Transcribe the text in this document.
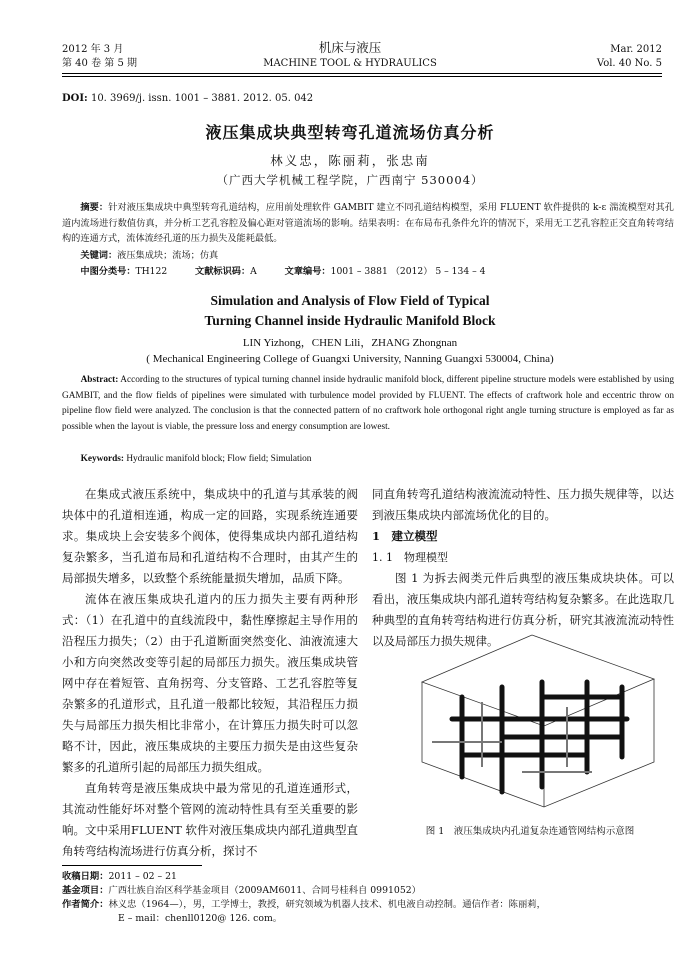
2012 年 3 月
第 40 卷 第 5 期
机床与液压
MACHINE TOOL & HYDRAULICS
Mar. 2012
Vol. 40 No. 5
DOI: 10. 3969/j. issn. 1001 – 3881. 2012. 05. 042
液压集成块典型转弯孔道流场仿真分析
林义忠，陈丽莉，张忠南
（广西大学机械工程学院，广西南宁 530004）
摘要：针对液压集成块中典型转弯孔道结构，应用前处理软件 GAMBIT 建立不同孔道结构模型，采用 FLUENT 软件提供的 k-ε 湍流模型对其孔道内流场进行数值仿真，并分析工艺孔容腔及偏心距对管道流场的影响。结果表明：在布局布孔条件允许的情况下，采用无工艺孔容腔正交直角转弯结构的连通方式，流体流经孔道的压力损失及能耗最低。
关键词：液压集成块；流场；仿真
中图分类号：TH122	文献标识码：A	文章编号：1001 – 3881 （2012） 5 – 134 – 4
Simulation and Analysis of Flow Field of Typical
Turning Channel inside Hydraulic Manifold Block
LIN Yizhong，CHEN Lili，ZHANG Zhongnan
( Mechanical Engineering College of Guangxi University, Nanning Guangxi 530004, China)
Abstract: According to the structures of typical turning channel inside hydraulic manifold block, different pipeline structure models were established by using GAMBIT, and the flow fields of pipelines were simulated with turbulence model provided by FLUENT. The effects of craftwork hole and eccentric throw on pipeline flow field were analyzed. The conclusion is that the connected pattern of no craftwork hole orthogonal right angle turning structure is employed as far as possible when the layout is viable, the pressure loss and energy consumption are lowest.
Keywords: Hydraulic manifold block; Flow field; Simulation

在集成式液压系统中，集成块中的孔道与其承装的阀块体中的孔道相连通，构成一定的回路，实现系统连通要求。集成块上会安装多个阀体，使得集成块内部孔道结构复杂繁多，当孔道布局和孔道结构不合理时，由其产生的局部损失增多，以致整个系统能量损失增加，品质下降。

流体在液压集成块孔道内的压力损失主要有两种形式：（1）在孔道中的直线流段中，黏性摩擦起主导作用的沿程压力损失；（2）由于孔道断面突然变化、油液流速大小和方向突然改变等引起的局部压力损失。液压集成块管网中存在着短管、直角拐弯、分支管路、工艺孔容腔等复杂繁多的孔道形式，且孔道一般都比较短，其沿程压力损失与局部压力损失相比非常小，在计算压力损失时可以忽略不计，因此，液压集成块的主要压力损失是由这些复杂繁多的孔道所引起的局部压力损失组成。

直角转弯是液压集成块中最为常见的孔道连通形式，其流动性能好坏对整个管网的流动特性具有至关重要的影响。文中采用FLUENT 软件对液压集成块内部孔道典型直角转弯结构流场进行仿真分析，探讨不

同直角转弯孔道结构液流流动特性、压力损失规律等，以达到液压集成块内部流场优化的目的。

1　建立模型
1. 1　物理模型

图 1 为拆去阀类元件后典型的液压集成块块体。可以看出，液压集成块内部孔道转弯结构复杂繁多。在此选取几种典型的直角转弯结构进行仿真分析，研究其液流流动特性以及局部压力损失规律。

图 1　液压集成块内孔道复杂连通管网结构示意图
收稿日期：2011 – 02 – 21
基金项目：广西壮族自治区科学基金项目（2009AM6011、合同号桂科自 0991052）
作者简介：林义忠（1964—），男，工学博士，教授，研究领域为机器人技术、机电液自动控制。通信作者：陈丽莉，
E – mail：chenll0120@ 126. com。
